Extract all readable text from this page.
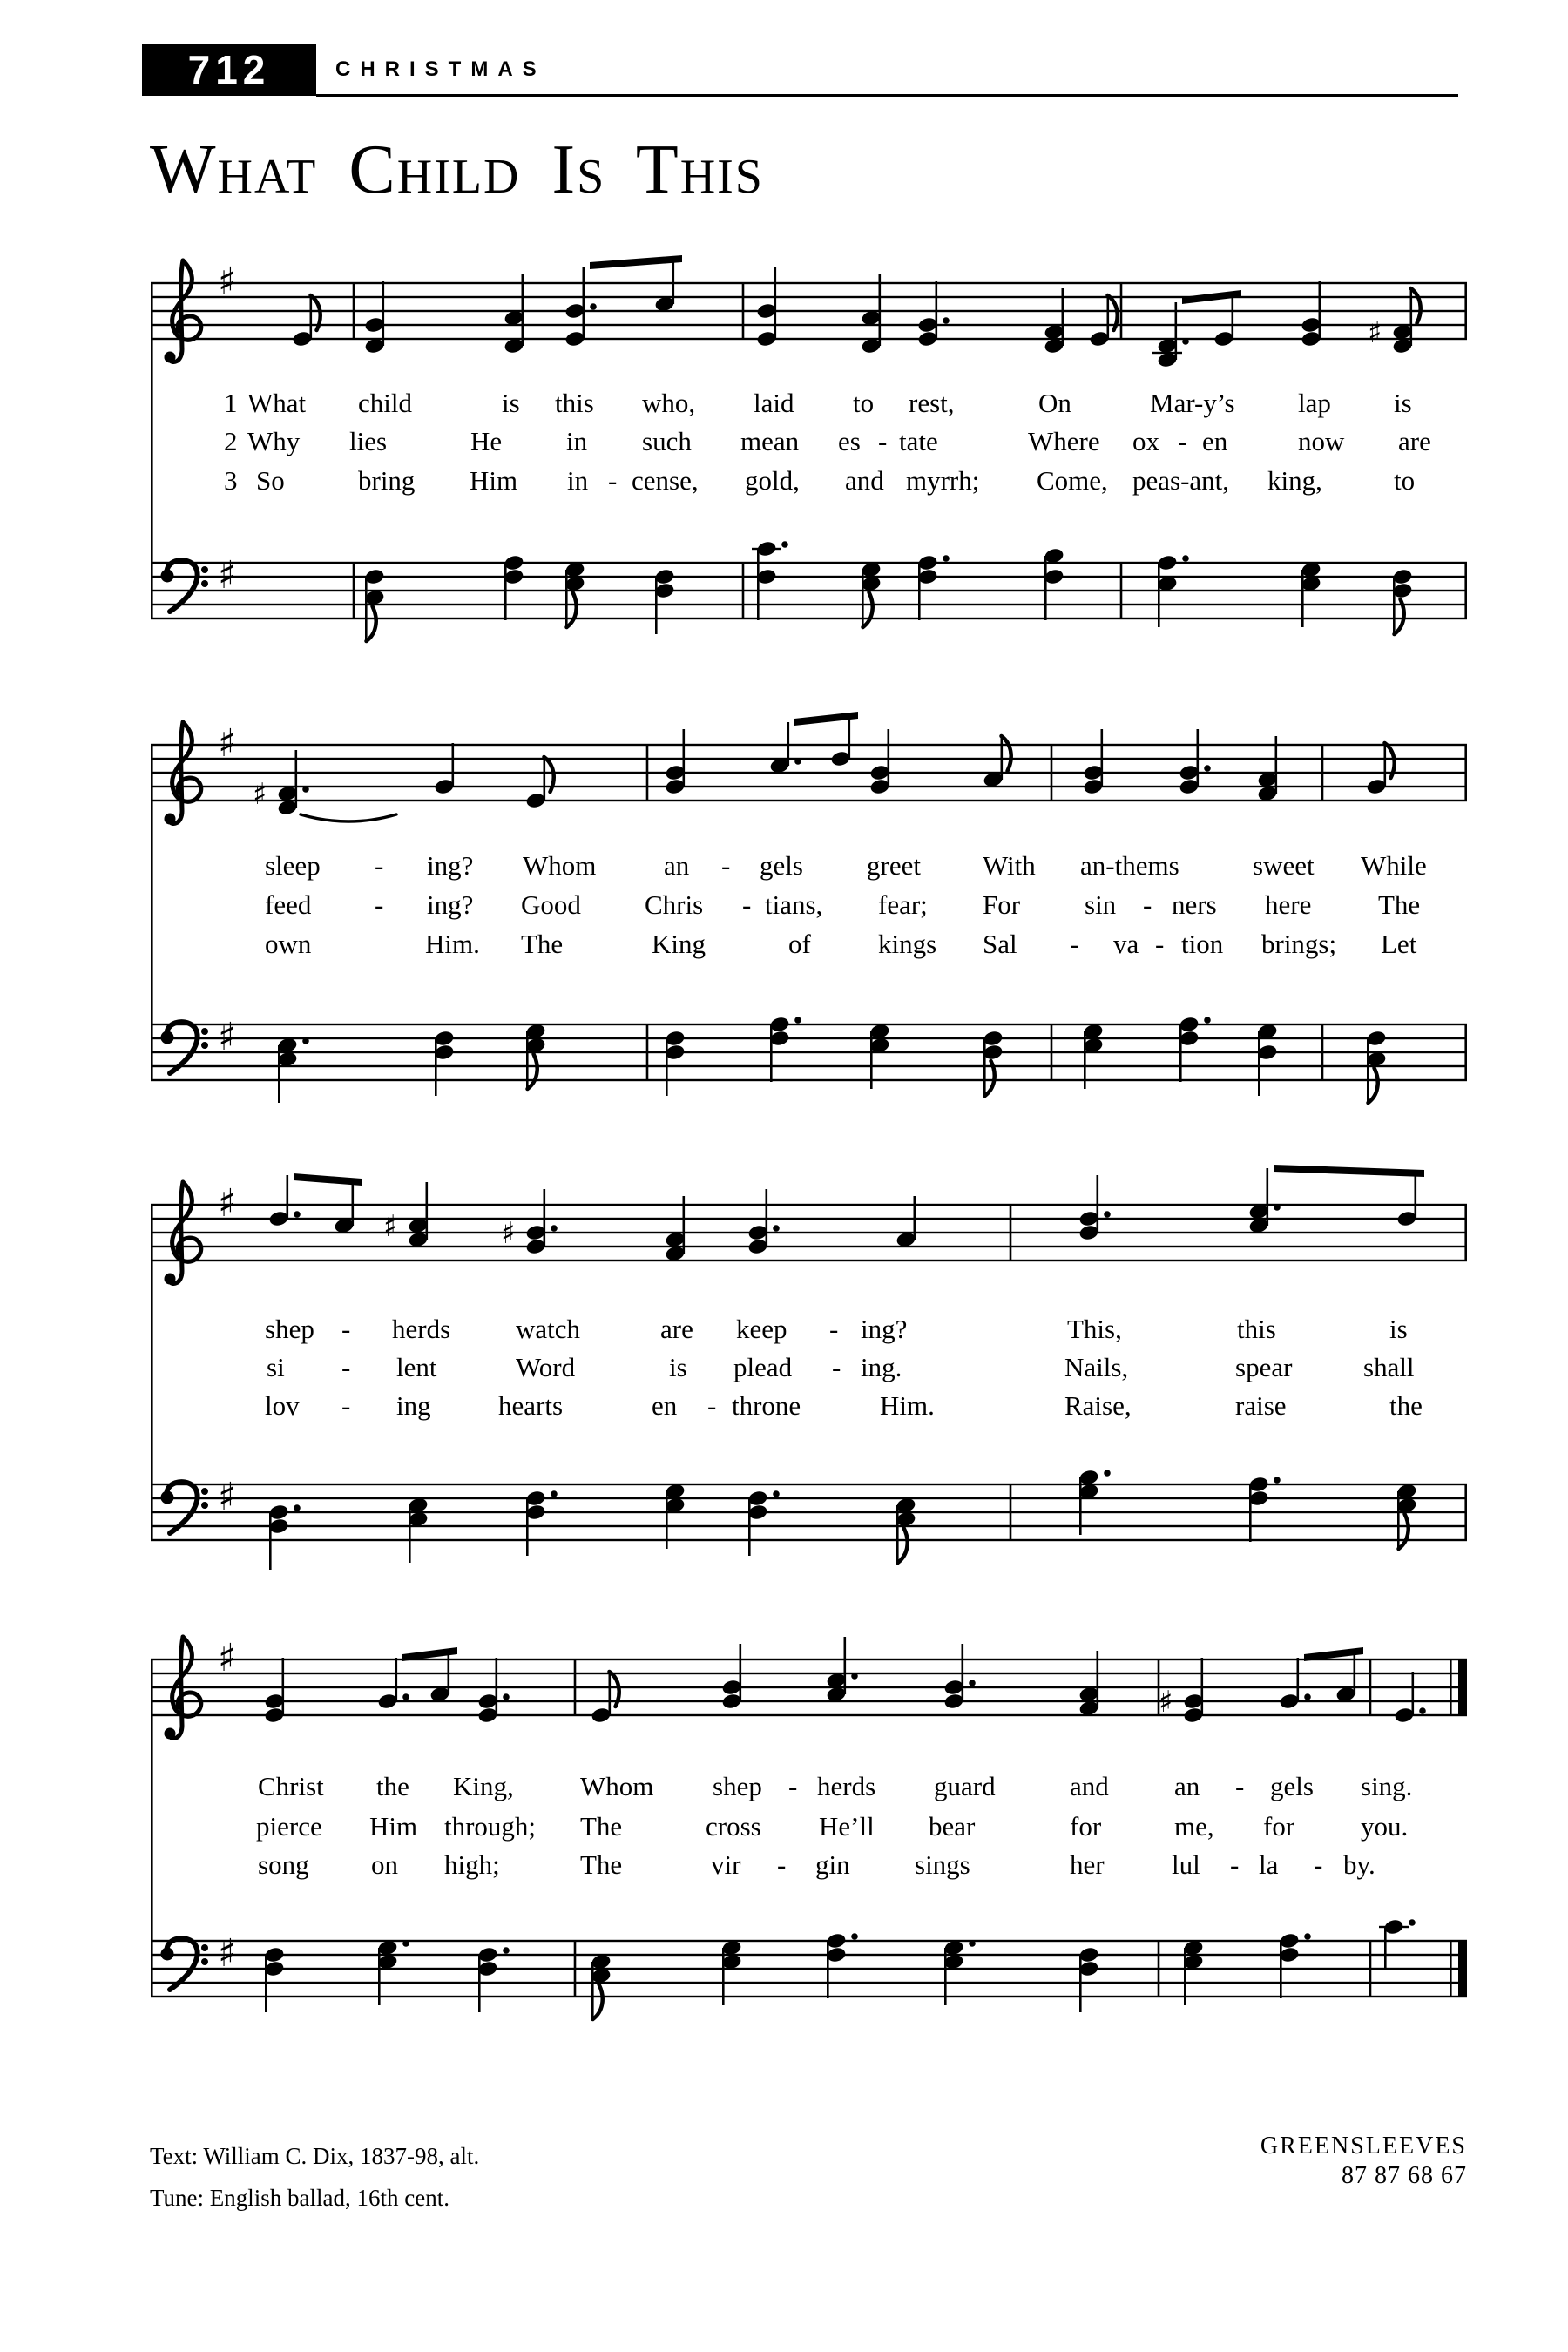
712	CHRISTMAS
What Child Is This
♯
♯
♯
♯
♯
♯
♯
♯
♯	♯
♯
♯
♯
1 What child	is this who, laid to rest,	On	Mar-y’s lap is
2 Why lies	He in such mean es - tate	Where ox - en	now are
3 So	bring Him in - cense, gold, and myrrh; Come, peas-ant, king,	to
sleep - ing? Whom	an - gels greet With an-thems	sweet While
feed - ing? Good Chris - tians, fear; For sin - ners here The
own	Him. The	King	of kings Sal - va - tion brings; Let
shep - herds watch	are keep - ing?	This,	this	is
si - lent	Word	is plead - ing.	Nails,	spear	shall
lov - ing hearts	en - throne	Him.	Raise,	raise	the
Christ the King, Whom shep - herds guard	and an - gels sing.
pierce Him through; The	cross He’ll bear	for	me, for you.
song on high;	The	vir - gin sings	her lul - la - by.
Text: William C. Dix, 1837-98, alt.
Tune: English ballad, 16th cent.
GREENSLEEVES
87 87 68 67
